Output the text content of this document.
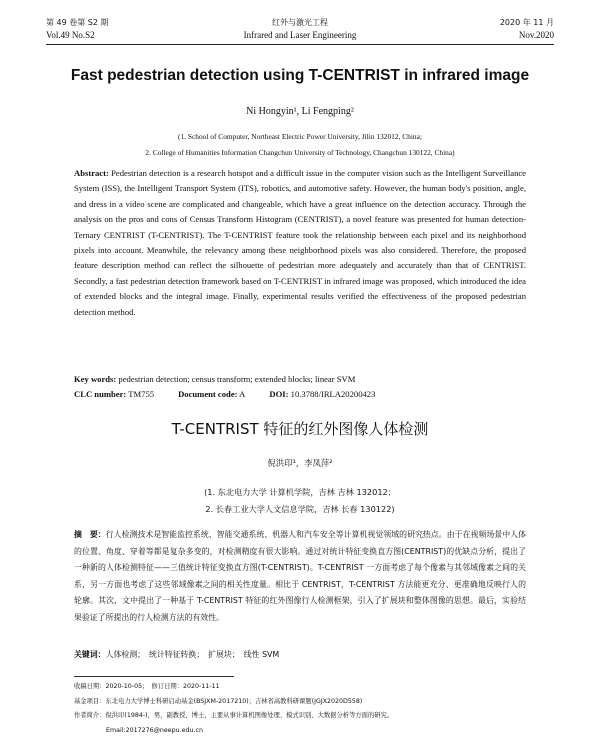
第 49 卷第 S2 期	红外与激光工程	2020 年 11 月
Vol.49 No.S2	Infrared and Laser Engineering	Nov.2020
Fast pedestrian detection using T-CENTRIST in infrared image
Ni Hongyin¹, Li Fengping²
(1. School of Computer, Northeast Electric Power University, Jilin 132012, China;
2. College of Humanities Information Changchun University of Technology, Changchun 130122, China)
Abstract: Pedestrian detection is a research hotspot and a difficult issue in the computer vision such as the Intelligent Surveillance System (ISS), the Intelligent Transport System (ITS), robotics, and automotive safety. However, the human body's position, angle, and dress in a video scene are complicated and changeable, which have a great influence on the detection accuracy. Through the analysis on the pros and cons of Census Transform Histogram (CENTRIST), a novel feature was presented for human detection-Ternary CENTRIST (T-CENTRIST). The T-CENTRIST feature took the relationship between each pixel and its neighborhood pixels into account. Meanwhile, the relevancy among these neighborhood pixels was also considered. Therefore, the proposed feature description method can reflect the silhouette of pedestrian more adequately and accurately than that of CENTRIST. Secondly, a fast pedestrian detection framework based on T-CENTRIST in infrared image was proposed, which introduced the idea of extended blocks and the integral image. Finally, experimental results verified the effectiveness of the proposed pedestrian detection method.
Key words: pedestrian detection; census transform; extended blocks; linear SVM
CLC number: TM755	Document code: A	DOI: 10.3788/IRLA20200423
T-CENTRIST 特征的红外图像人体检测
倪洪印¹，李凤萍²
(1. 东北电力大学 计算机学院，吉林 吉林 132012；
2. 长春工业大学人文信息学院，吉林 长春 130122)
摘　要：行人检测技术是智能监控系统、智能交通系统、机器人和汽车安全等计算机视觉领域的研究热点。由于在视频场景中人体的位置、角度、穿着等都是复杂多变的，对检测精度有很大影响。通过对统计特征变换直方图(CENTRIST)的优缺点分析，提出了一种新的人体检测特征——三值统计特征变换直方图(T-CENTRIST)。T-CENTRIST 一方面考虑了每个像素与其邻域像素之间的关系，另一方面也考虑了这些邻域像素之间的相关性度量。相比于 CENTRIST，T-CENTRIST 方法能更充分、更准确地反映行人的轮廓。其次，文中提出了一种基于 T-CENTRIST 特征的红外图像行人检测框架，引入了扩展块和整体图像的思想。最后，实验结果验证了所提出的行人检测方法的有效性。
关键词：人体检测；　统计特征转换；　扩展块；　线性 SVM
收稿日期：2020-10-05；　修订日期：2020-11-11
基金项目：东北电力大学博士科研启动基金(BSJXM-2017210)；吉林省高教科研课题(JGJX2020D558)
作者简介：倪洪印(1984-)，男，副教授，博士，主要从事计算机图像处理、模式识别、大数据分析等方面的研究。
Email:2017276@neepu.edu.cn
